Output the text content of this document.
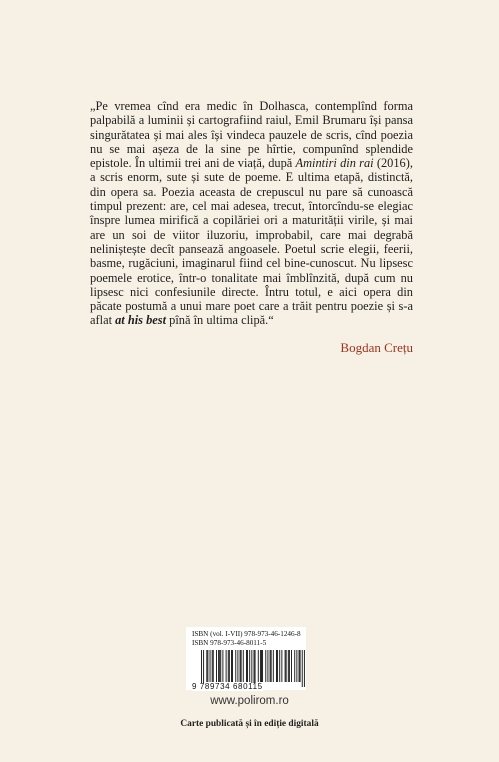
„Pe vremea cînd era medic în Dolhasca, contemplînd forma palpabilă a luminii și cartografiind raiul, Emil Brumaru își pansa singurătatea și mai ales își vindeca pauzele de scris, cînd poezia nu se mai așeza de la sine pe hîrtie, compunînd splendide epistole. În ultimii trei ani de viață, după Amintiri din rai (2016), a scris enorm, sute și sute de poeme. E ultima etapă, distinctă, din opera sa. Poezia aceasta de crepuscul nu pare să cunoască timpul prezent: are, cel mai adesea, trecut, întorcîndu-se elegiac înspre lumea mirifică a copilăriei ori a maturității virile, și mai are un soi de viitor iluzoriu, improbabil, care mai degrabă neliniștește decît pansează angoasele. Poetul scrie elegii, feerii, basme, rugăciuni, imaginarul fiind cel bine-cunoscut. Nu lipsesc poemele erotice, într-o tonalitate mai îmblînzită, după cum nu lipsesc nici confesiunile directe. Întru totul, e aici opera din păcate postumă a unui mare poet care a trăit pentru poezie și s-a aflat at his best pînă în ultima clipă.“

Bogdan Crețu
ISBN (vol. I-VII) 978-973-46-1246-8
ISBN 978-973-46-8011-5
9 789734 680115
www.polirom.ro
Carte publicată și în ediție digitală
